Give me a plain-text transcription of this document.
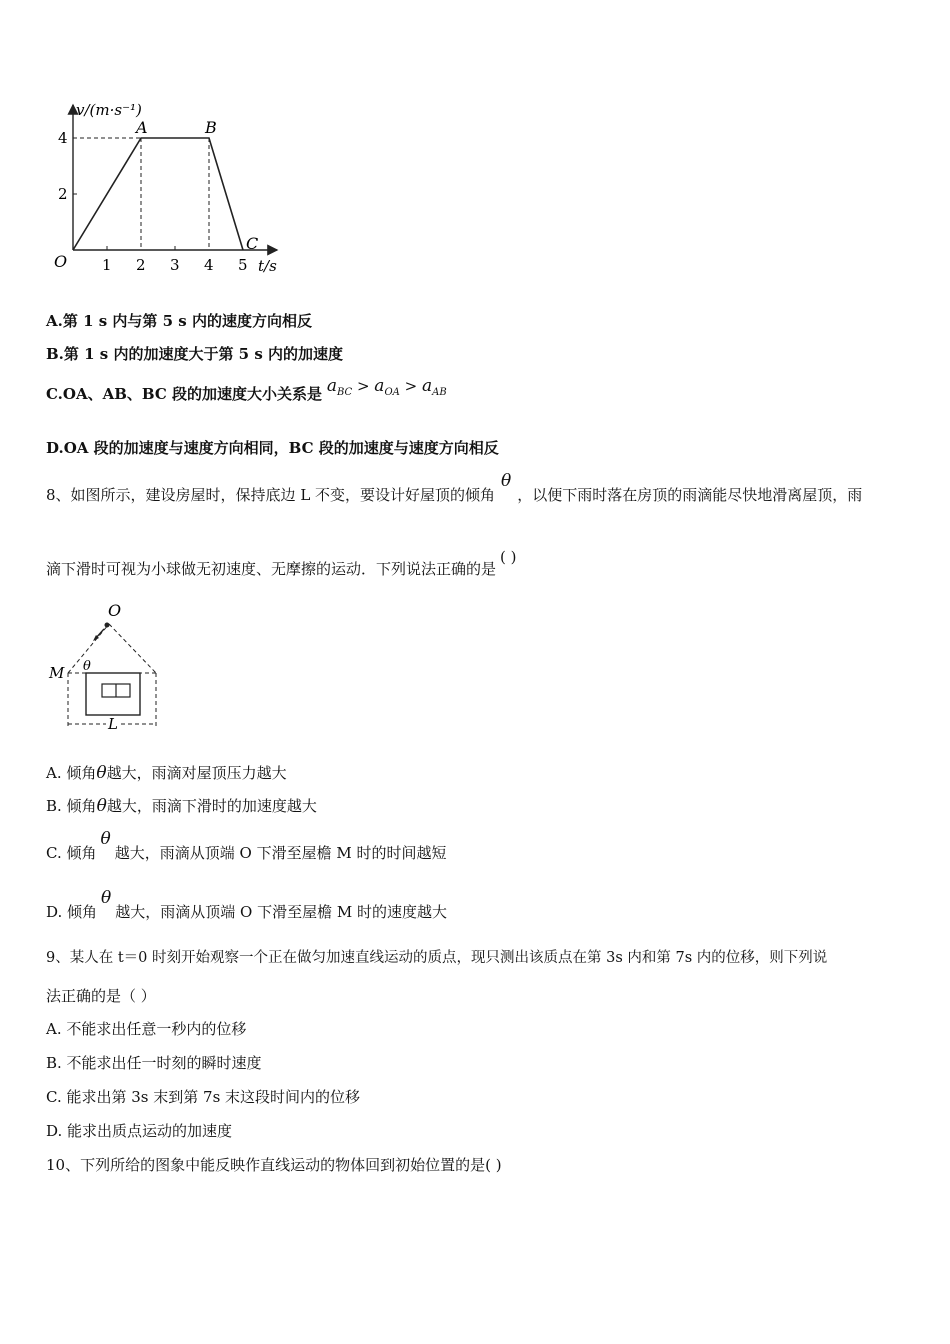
v/(m·s⁻¹)
t/s
O
4
2
1 2 3 4 5
A	B
C
A.第 1 s 内与第 5 s 内的速度方向相反
B.第 1 s 内的加速度大于第 5 s 内的加速度
C.OA、AB、BC 段的加速度大小关系是 $a_{BC} > a_{OA} > a_{AB}$
D.OA 段的加速度与速度方向相同，BC 段的加速度与速度方向相反
8、如图所示，建设房屋时，保持底边 L 不变，要设计好屋顶的倾角θ，以便下雨时落在房顶的雨滴能尽快地滑离屋顶，雨
滴下滑时可视为小球做无初速度、无摩擦的运动．下列说法正确的是( )
L
O
M θ
A. 倾角θ越大，雨滴对屋顶压力越大
B. 倾角θ越大，雨滴下滑时的加速度越大
C. 倾角θ越大，雨滴从顶端 O 下滑至屋檐 M 时的时间越短
D. 倾角θ越大，雨滴从顶端 O 下滑至屋檐 M 时的速度越大
9、某人在 t＝0 时刻开始观察一个正在做匀加速直线运动的质点，现只测出该质点在第 3s 内和第 7s 内的位移，则下列说
法正确的是（ ）
A. 不能求出任意一秒内的位移
B. 不能求出任一时刻的瞬时速度
C. 能求出第 3s 末到第 7s 末这段时间内的位移
D. 能求出质点运动的加速度
10、下列所给的图象中能反映作直线运动的物体回到初始位置的是( )
